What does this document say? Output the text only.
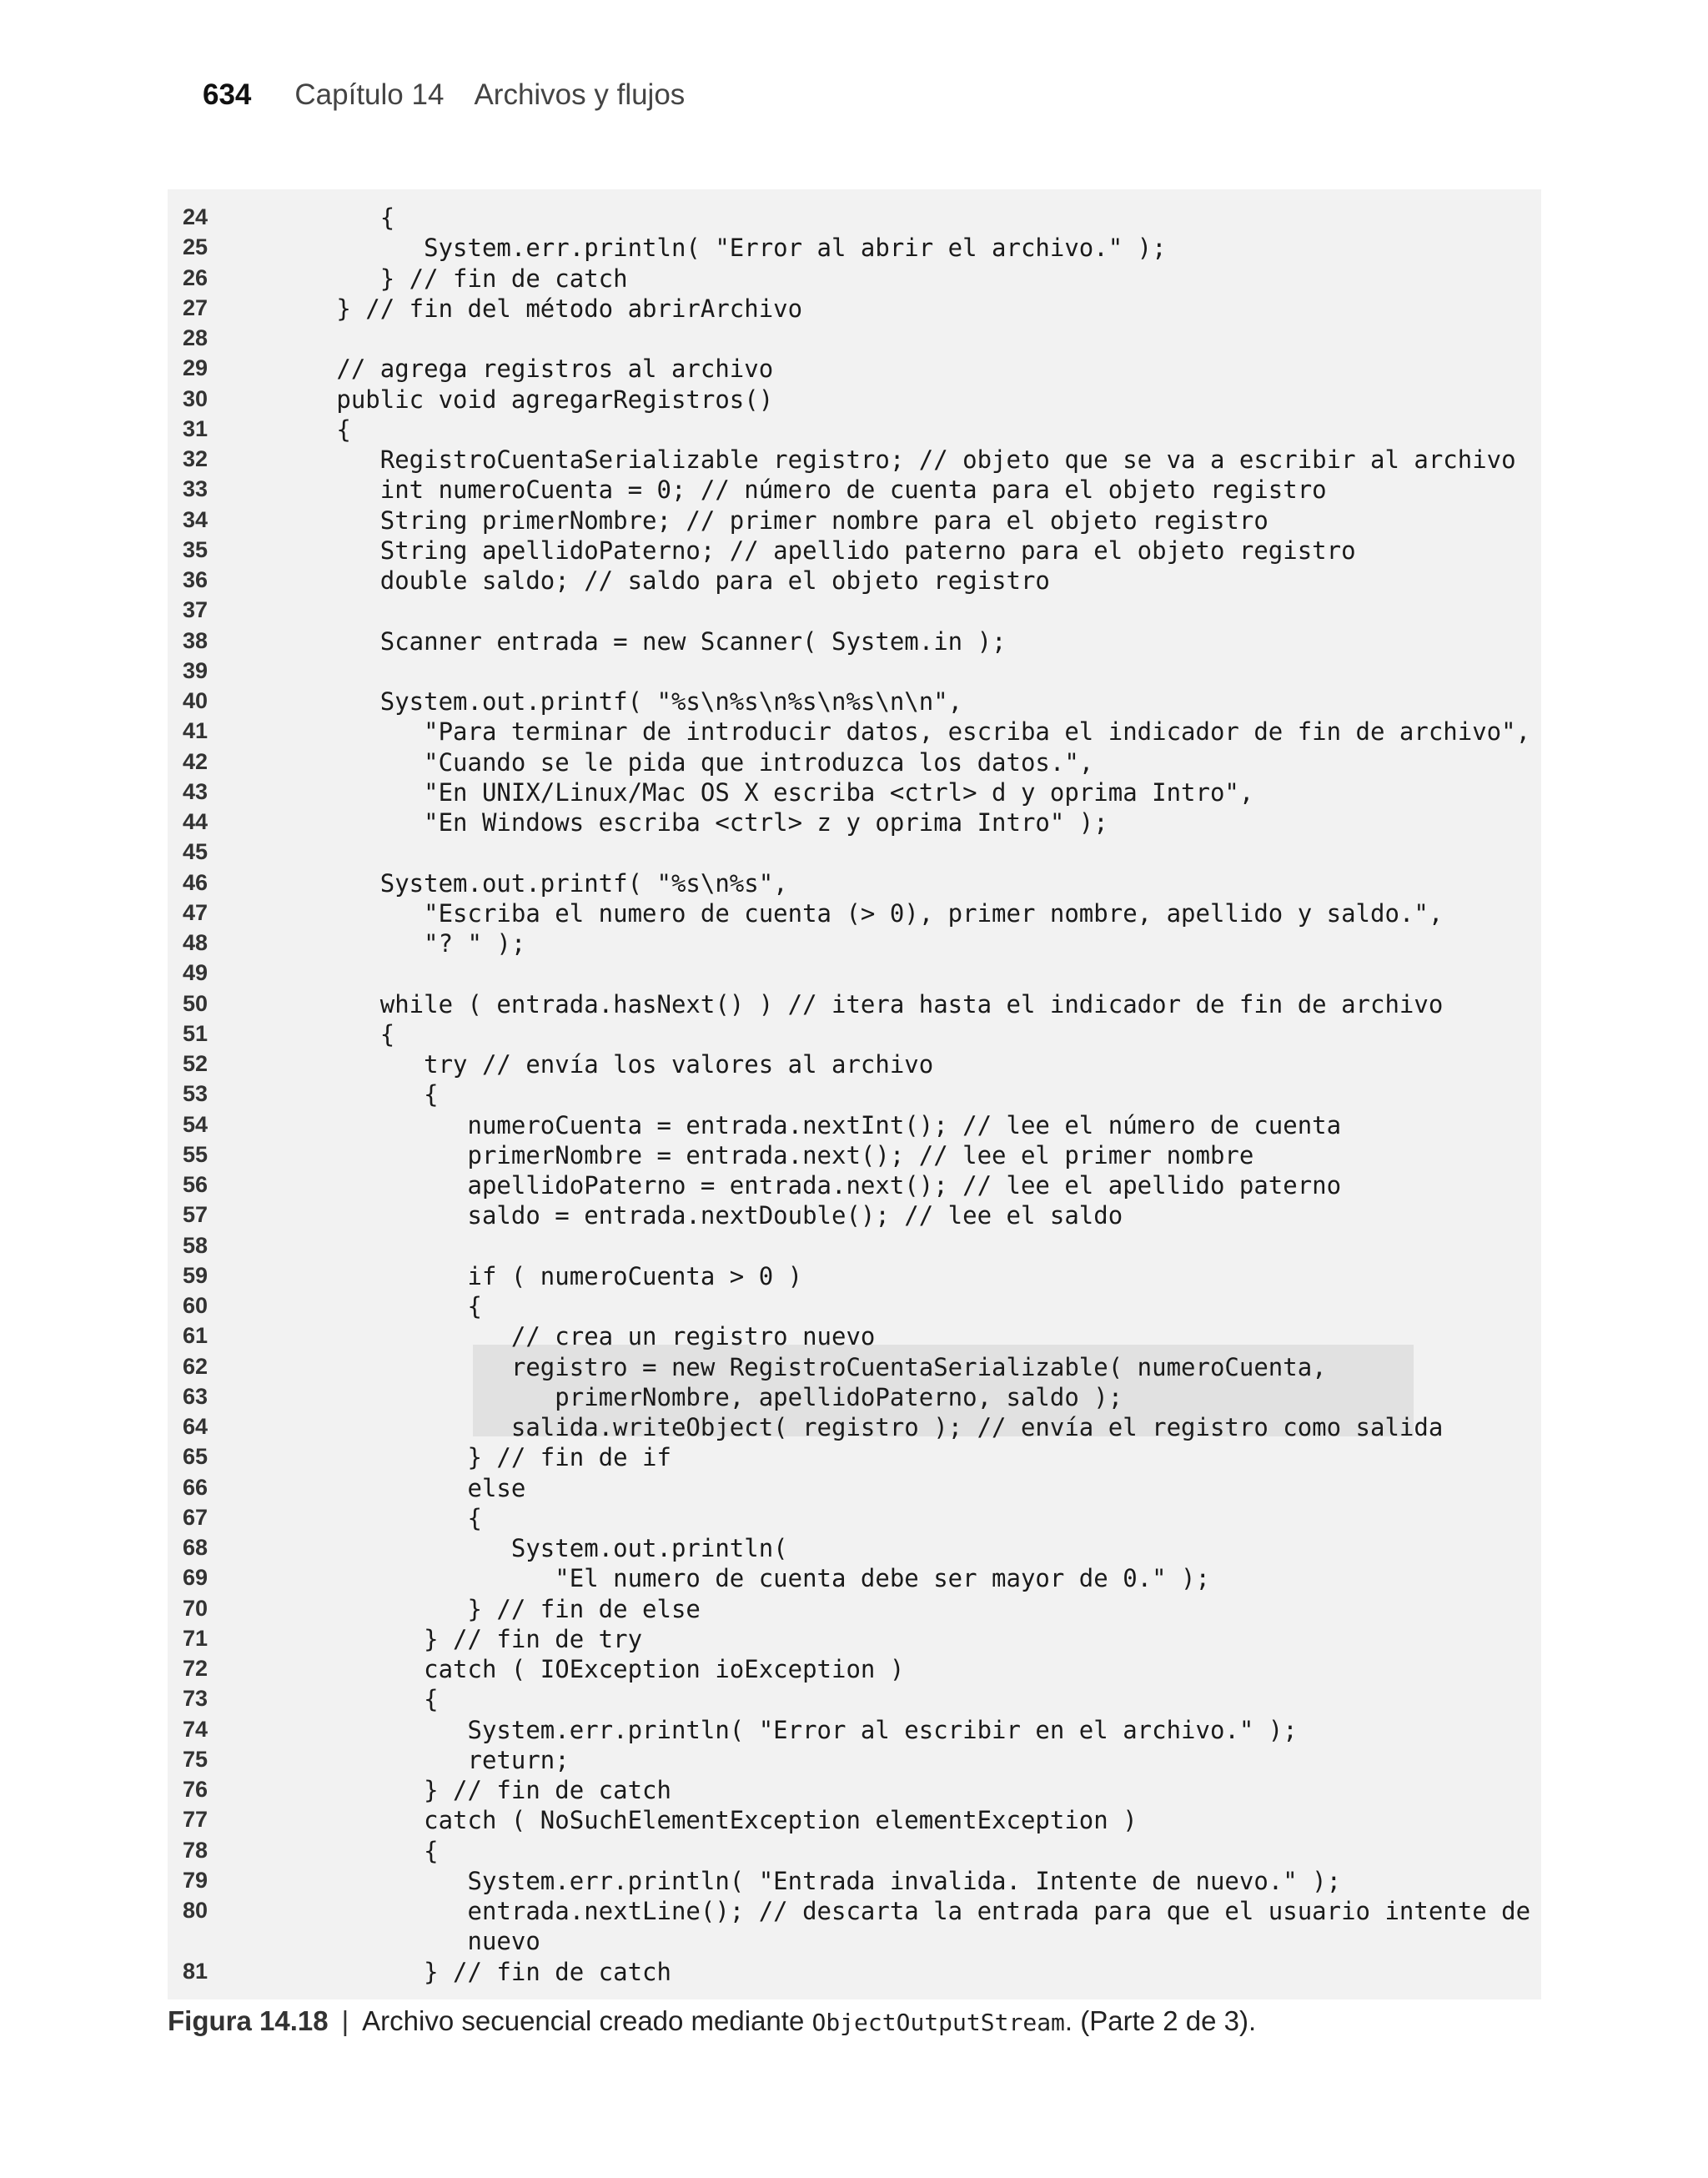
634 Capítulo 14 Archivos y flujos
24	{
25	System.err.println( "Error al abrir el archivo." );
26	} // fin de catch
27	} // fin del método abrirArchivo
28
29	// agrega registros al archivo
30	public void agregarRegistros()
31	{
32	RegistroCuentaSerializable registro; // objeto que se va a escribir al archivo
33	int numeroCuenta = 0; // número de cuenta para el objeto registro
34	String primerNombre; // primer nombre para el objeto registro
35	String apellidoPaterno; // apellido paterno para el objeto registro
36	double saldo; // saldo para el objeto registro
37
38	Scanner entrada = new Scanner( System.in );
39
40	System.out.printf( "%s\n%s\n%s\n%s\n\n",
41	"Para terminar de introducir datos, escriba el indicador de fin de archivo",
42	"Cuando se le pida que introduzca los datos.",
43	"En UNIX/Linux/Mac OS X escriba <ctrl> d y oprima Intro",
44	"En Windows escriba <ctrl> z y oprima Intro" );
45
46	System.out.printf( "%s\n%s",
47	"Escriba el numero de cuenta (> 0), primer nombre, apellido y saldo.",
48	"? " );
49
50	while ( entrada.hasNext() ) // itera hasta el indicador de fin de archivo
51	{
52	try // envía los valores al archivo
53	{
54	numeroCuenta = entrada.nextInt(); // lee el número de cuenta
55	primerNombre = entrada.next(); // lee el primer nombre
56	apellidoPaterno = entrada.next(); // lee el apellido paterno
57	saldo = entrada.nextDouble(); // lee el saldo
58
59	if ( numeroCuenta > 0 )
60	{
61	// crea un registro nuevo
62	registro = new RegistroCuentaSerializable( numeroCuenta,
63	primerNombre, apellidoPaterno, saldo );
64	salida.writeObject( registro ); // envía el registro como salida
65	} // fin de if
66	else
67	{
68	System.out.println(
69	"El numero de cuenta debe ser mayor de 0." );
70	} // fin de else
71	} // fin de try
72	catch ( IOException ioException )
73	{
74	System.err.println( "Error al escribir en el archivo." );
75	return;
76	} // fin de catch
77	catch ( NoSuchElementException elementException )
78	{
79	System.err.println( "Entrada invalida. Intente de nuevo." );
80	entrada.nextLine(); // descarta la entrada para que el usuario intente de
nuevo
81	} // fin de catch
Figura 14.18 | Archivo secuencial creado mediante ObjectOutputStream. (Parte 2 de 3).
